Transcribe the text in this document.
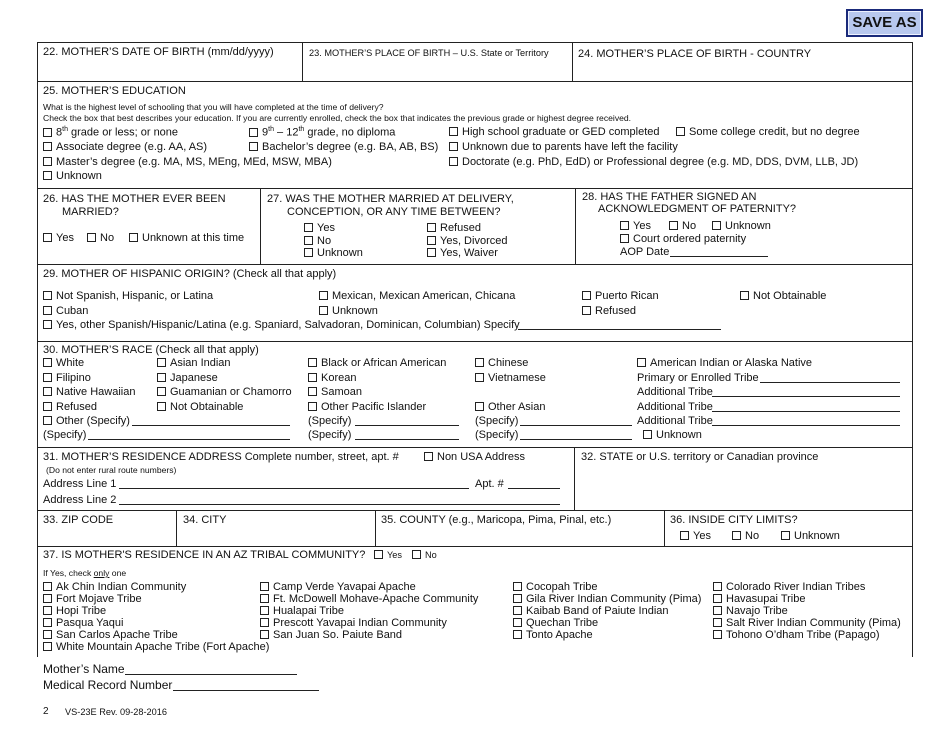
SAVE AS
22. MOTHER’S DATE OF BIRTH (mm/dd/yyyy)	23. MOTHER’S PLACE OF BIRTH – U.S. State or Territory	24. MOTHER’S PLACE OF BIRTH - COUNTRY
25. MOTHER’S EDUCATION
What is the highest level of schooling that you will have completed at the time of delivery?
Check the box that best describes your education. If you are currently enrolled, check the box that indicates the previous grade or highest degree received.
8th grade or less; or none	9th – 12th grade, no diploma	High school graduate or GED completed	Some college credit, but no degree
Associate degree (e.g. AA, AS)	Bachelor’s degree (e.g. BA, AB, BS)	Unknown due to parents have left the facility
Master’s degree (e.g. MA, MS, MEng, MEd, MSW, MBA)	Doctorate (e.g. PhD, EdD) or Professional degree (e.g. MD, DDS, DVM, LLB, JD)
Unknown
26. HAS THE MOTHER EVER BEEN
MARRIED?
Yes	No	Unknown at this time
27. WAS THE MOTHER MARRIED AT DELIVERY,
CONCEPTION, OR ANY TIME BETWEEN?
Yes
No
Unknown
Refused
Yes, Divorced
Yes, Waiver
28. HAS THE FATHER SIGNED AN
ACKNOWLEDGMENT OF PATERNITY?
Yes	No	Unknown
Court ordered paternity
AOP Date
29. MOTHER OF HISPANIC ORIGIN? (Check all that apply)
Not Spanish, Hispanic, or Latina	Mexican, Mexican American, Chicana	Puerto Rican	Not Obtainable
Cuban	Unknown	Refused
Yes, other Spanish/Hispanic/Latina (e.g. Spaniard, Salvadoran, Dominican, Columbian) Specify
30. MOTHER’S RACE (Check all that apply)
White	Asian Indian	Black or African American	Chinese	American Indian or Alaska Native
Filipino	Japanese	Korean	Vietnamese	Primary or Enrolled Tribe
Native Hawaiian	Guamanian or Chamorro	Samoan	Additional Tribe
Refused	Not Obtainable	Other Pacific Islander	Other Asian	Additional Tribe
Other (Specify)	(Specify)	(Specify)	Additional Tribe
(Specify)	(Specify)	(Specify)	Unknown
31. MOTHER’S RESIDENCE ADDRESS Complete number, street, apt. #	Non USA Address
(Do not enter rural route numbers)
Address Line 1	Apt. #
Address Line 2
32. STATE or U.S. territory or Canadian province
33. ZIP CODE	34. CITY	35. COUNTY (e.g., Maricopa, Pima, Pinal, etc.)	36. INSIDE CITY LIMITS?
Yes	No	Unknown
37. IS MOTHER'S RESIDENCE IN AN AZ TRIBAL COMMUNITY?	Yes	No
If Yes, check only one
Ak Chin Indian Community	Camp Verde Yavapai Apache	Cocopah Tribe	Colorado River Indian Tribes
Fort Mojave Tribe	Ft. McDowell Mohave-Apache Community	Gila River Indian Community (Pima)	Havasupai Tribe
Hopi Tribe	Hualapai Tribe	Kaibab Band of Paiute Indian	Navajo Tribe
Pasqua Yaqui	Prescott Yavapai Indian Community	Quechan Tribe	Salt River Indian Community (Pima)
San Carlos Apache Tribe	San Juan So. Paiute Band	Tonto Apache	Tohono O’dham Tribe (Papago)
White Mountain Apache Tribe (Fort Apache)
Mother’s Name
Medical Record Number
2 VS-23E Rev. 09-28-2016
